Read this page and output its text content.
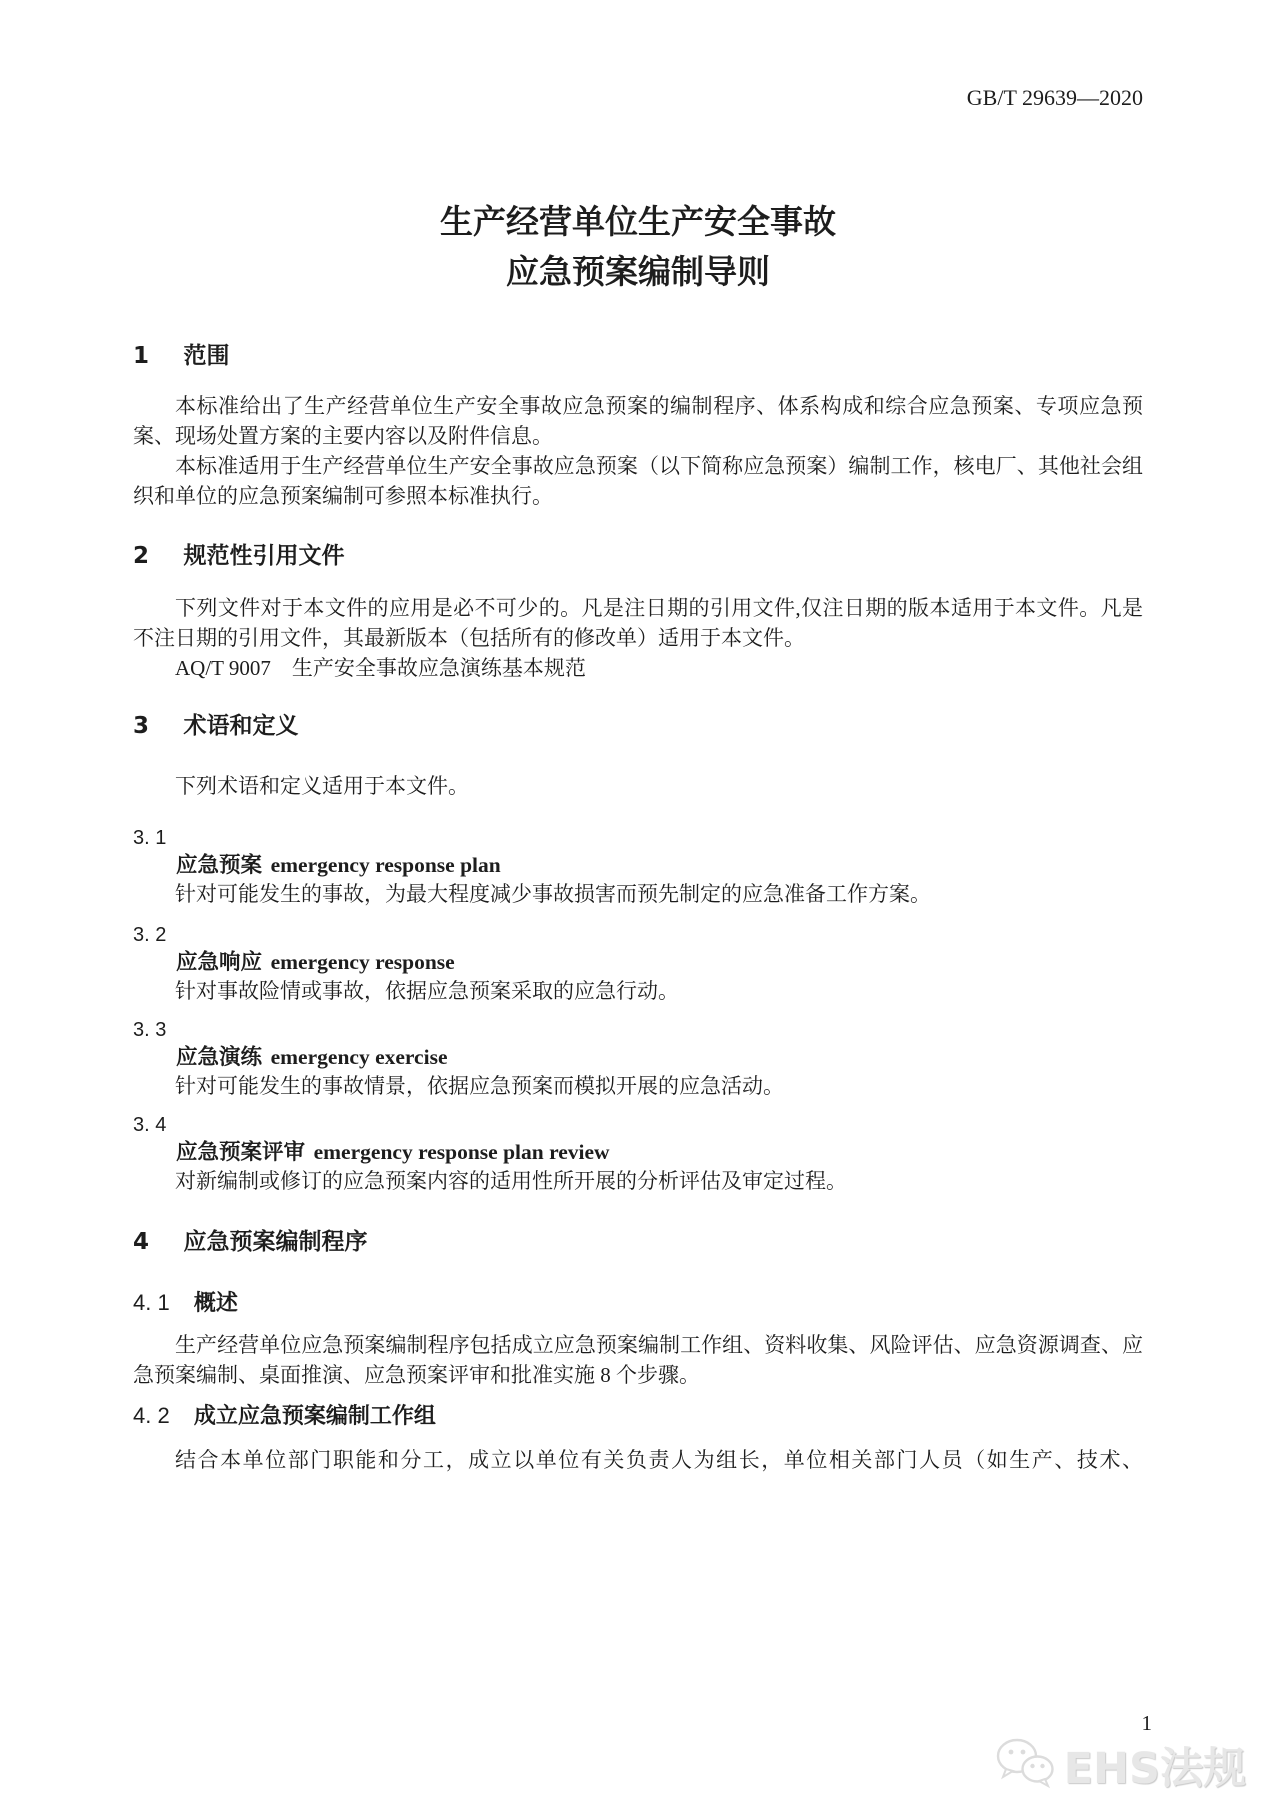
GB/T 29639—2020

生产经营单位生产安全事故
应急预案编制导则
1 范围

本标准给出了生产经营单位生产安全事故应急预案的编制程序、体系构成和综合应急预案、专项应急预案、现场处置方案的主要内容以及附件信息。

本标准适用于生产经营单位生产安全事故应急预案（以下简称应急预案）编制工作，核电厂、其他社会组织和单位的应急预案编制可参照本标准执行。

2 规范性引用文件

下列文件对于本文件的应用是必不可少的。凡是注日期的引用文件,仅注日期的版本适用于本文件。凡是不注日期的引用文件，其最新版本（包括所有的修改单）适用于本文件。

AQ/T 9007　生产安全事故应急演练基本规范

3 术语和定义

下列术语和定义适用于本文件。

3. 1

应急预案 emergency response plan

针对可能发生的事故，为最大程度减少事故损害而预先制定的应急准备工作方案。

3. 2

应急响应 emergency response

针对事故险情或事故，依据应急预案采取的应急行动。

3. 3

应急演练 emergency exercise

针对可能发生的事故情景，依据应急预案而模拟开展的应急活动。

3. 4

应急预案评审 emergency response plan review

对新编制或修订的应急预案内容的适用性所开展的分析评估及审定过程。

4 应急预案编制程序
4. 1 概述

生产经营单位应急预案编制程序包括成立应急预案编制工作组、资料收集、风险评估、应急资源调查、应急预案编制、桌面推演、应急预案评审和批准实施 8 个步骤。

4. 2 成立应急预案编制工作组

结合本单位部门职能和分工，成立以单位有关负责人为组长，单位相关部门人员（如生产、技术、

1
EHS法规
